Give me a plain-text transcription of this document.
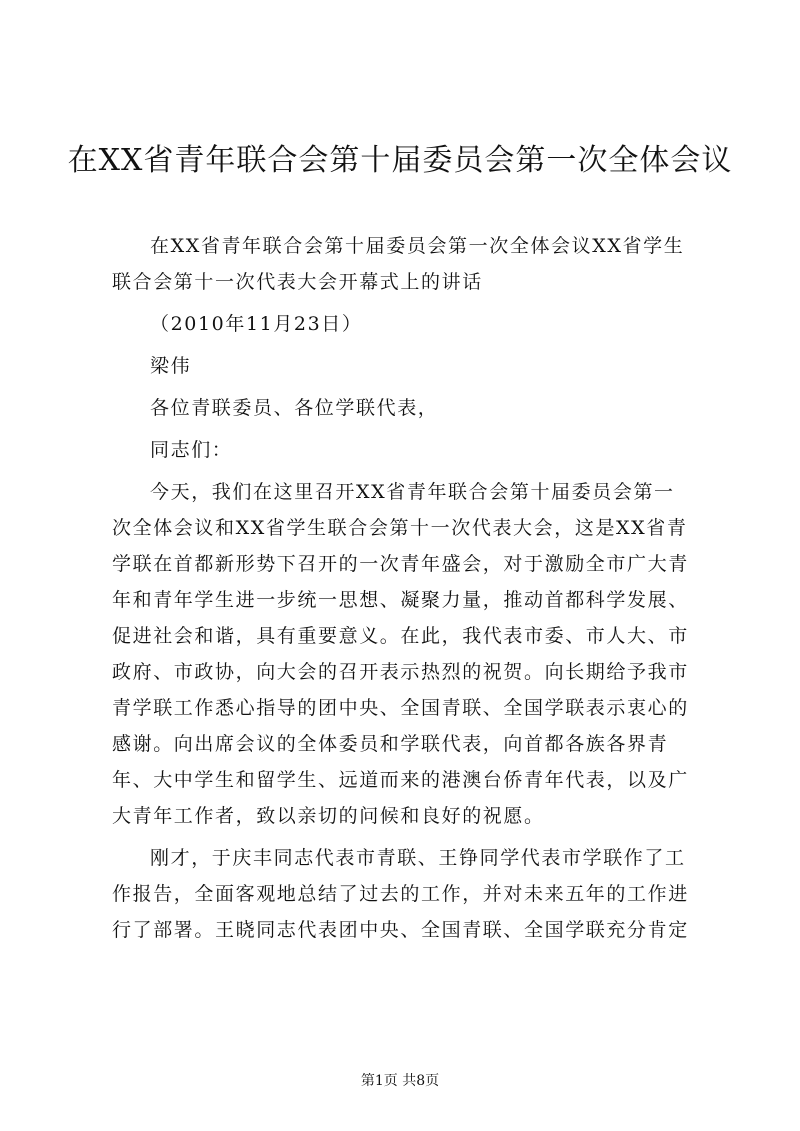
在XX省青年联合会第十届委员会第一次全体会议

在XX省青年联合会第十届委员会第一次全体会议XX省学生联合会第十一次代表大会开幕式上的讲话

（2010年11月23日）

梁伟

各位青联委员、各位学联代表，

同志们：

今天，我们在这里召开XX省青年联合会第十届委员会第一次全体会议和XX省学生联合会第十一次代表大会，这是XX省青学联在首都新形势下召开的一次青年盛会，对于激励全市广大青年和青年学生进一步统一思想、凝聚力量，推动首都科学发展、促进社会和谐，具有重要意义。在此，我代表市委、市人大、市政府、市政协，向大会的召开表示热烈的祝贺。向长期给予我市青学联工作悉心指导的团中央、全国青联、全国学联表示衷心的感谢。向出席会议的全体委员和学联代表，向首都各族各界青年、大中学生和留学生、远道而来的港澳台侨青年代表，以及广大青年工作者，致以亲切的问候和良好的祝愿。

刚才，于庆丰同志代表市青联、王铮同学代表市学联作了工作报告，全面客观地总结了过去的工作，并对未来五年的工作进行了部署。王晓同志代表团中央、全国青联、全国学联充分肯定

第1页 共8页
